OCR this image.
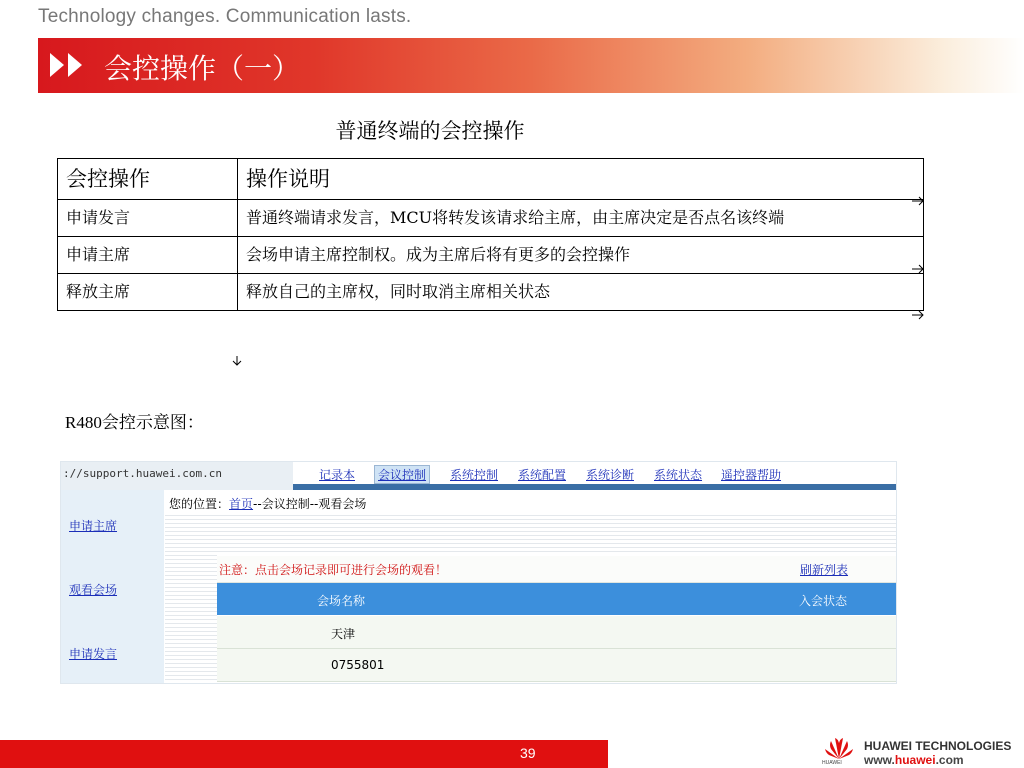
Technology changes. Communication lasts.
会控操作（一）
普通终端的会控操作
会控操作	操作说明
申请发言	普通终端请求发言，MCU将转发该请求给主席，由主席决定是否点名该终端
申请主席	会场申请主席控制权。成为主席后将有更多的会控操作
释放主席	释放自己的主席权，同时取消主席相关状态
R480会控示意图：
://support.huawei.com.cn	记录本	会议控制	系统控制 系统配置 系统诊断 系统状态 遥控器帮助
申请主席
观看会场
申请发言
您的位置：首页--会议控制--观看会场
注意：点击会场记录即可进行会场的观看！	刷新列表
会场名称	入会状态
天津
0755801
39
HUAWEI
HUAWEI TECHNOLOGIES
www.huawei.com
